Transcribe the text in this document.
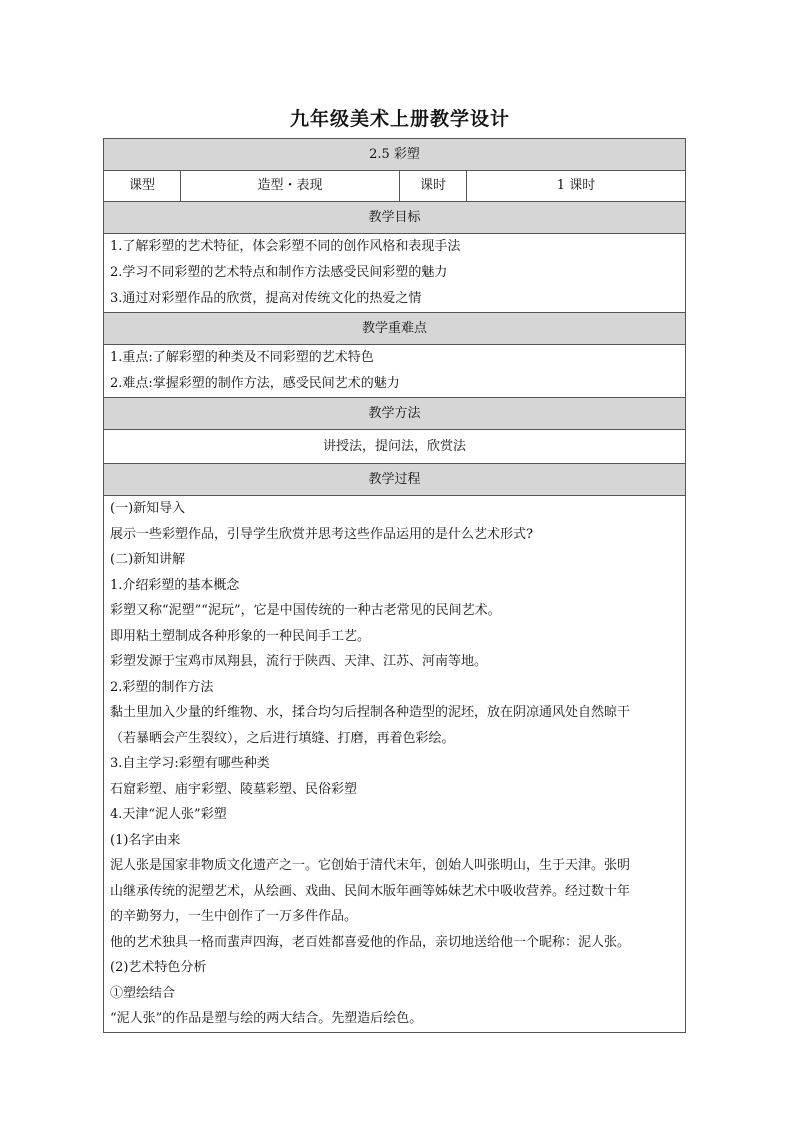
九年级美术上册教学设计
2.5 彩塑
课型	造型・表现	课时	1 课时
教学目标

1.了解彩塑的艺术特征，体会彩塑不同的创作风格和表现手法
2.学习不同彩塑的艺术特点和制作方法感受民间彩塑的魅力
3.通过对彩塑作品的欣赏，提高对传统文化的热爱之情

教学重难点

1.重点:了解彩塑的种类及不同彩塑的艺术特色
2.难点:掌握彩塑的制作方法，感受民间艺术的魅力

教学方法
讲授法，提问法，欣赏法
教学过程

(一)新知导入
展示一些彩塑作品，引导学生欣赏并思考这些作品运用的是什么艺术形式?
(二)新知讲解
1.介绍彩塑的基本概念
彩塑又称“泥塑”“泥玩”，它是中国传统的一种古老常见的民间艺术。
即用粘土塑制成各种形象的一种民间手工艺。
彩塑发源于宝鸡市凤翔县，流行于陕西、天津、江苏、河南等地。
2.彩塑的制作方法
黏土里加入少量的纤维物、水，揉合均匀后捏制各种造型的泥坯，放在阴凉通风处自然晾干
（若暴晒会产生裂纹），之后进行填缝、打磨，再着色彩绘。
3.自主学习:彩塑有哪些种类
石窟彩塑、庙宇彩塑、陵墓彩塑、民俗彩塑
4.天津“泥人张”彩塑
(1)名字由来
泥人张是国家非物质文化遗产之一。它创始于清代末年，创始人叫张明山，生于天津。张明
山继承传统的泥塑艺术，从绘画、戏曲、民间木版年画等姊妹艺术中吸收营养。经过数十年
的辛勤努力，一生中创作了一万多件作品。
他的艺术独具一格而蜚声四海，老百姓都喜爱他的作品，亲切地送给他一个昵称：泥人张。
(2)艺术特色分析
①塑绘结合
“泥人张”的作品是塑与绘的两大结合。先塑造后绘色。
